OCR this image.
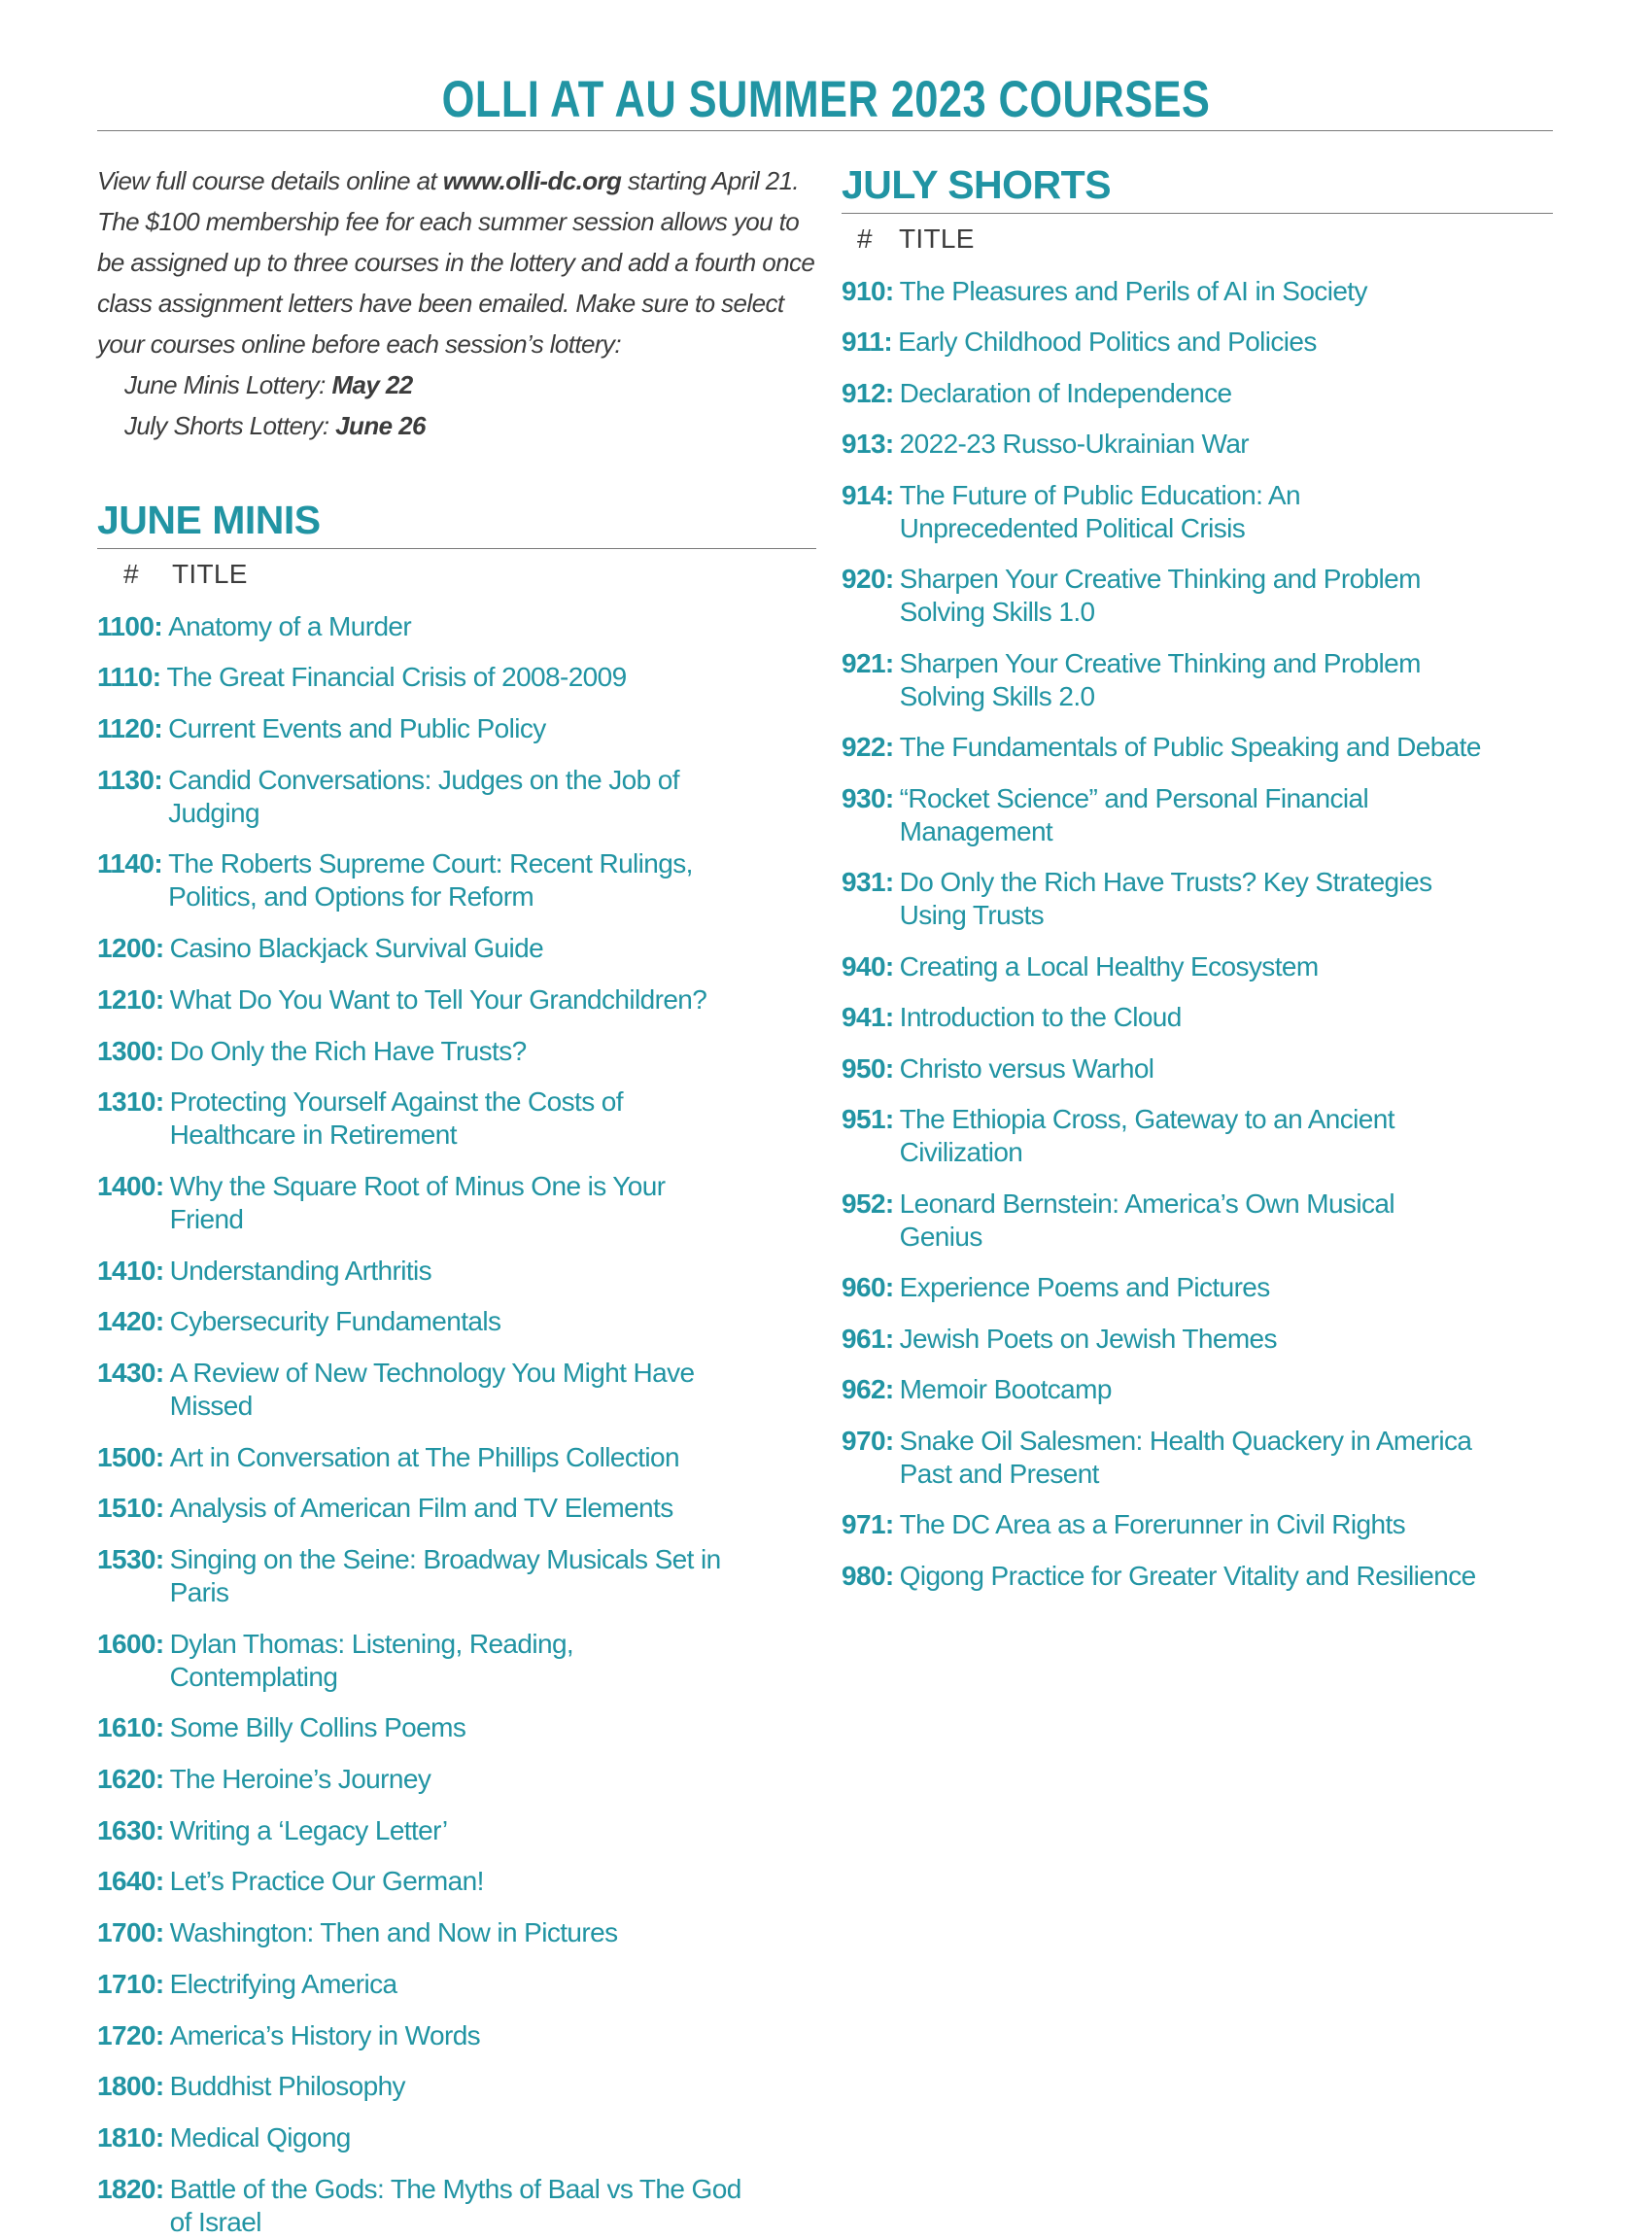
OLLI AT AU SUMMER 2023 COURSES

View full course details online at www.olli-dc.org starting April 21. The $100 membership fee for each summer session allows you to be assigned up to three courses in the lottery and add a fourth once class assignment letters have been emailed. Make sure to select your courses online before each session’s lottery:

June Minis Lottery: May 22

July Shorts Lottery: June 26

JUNE MINIS
# TITLE
1100: Anatomy of a Murder
1110: The Great Financial Crisis of 2008-2009
1120: Current Events and Public Policy
1130: Candid Conversations: Judges on the Job of Judging
1140: The Roberts Supreme Court: Recent Rulings, Politics, and Options for Reform
1200: Casino Blackjack Survival Guide
1210: What Do You Want to Tell Your Grandchildren?
1300: Do Only the Rich Have Trusts?
1310: Protecting Yourself Against the Costs of Healthcare in Retirement
1400: Why the Square Root of Minus One is Your Friend
1410: Understanding Arthritis
1420: Cybersecurity Fundamentals
1430: A Review of New Technology You Might Have Missed
1500: Art in Conversation at The Phillips Collection
1510: Analysis of American Film and TV Elements
1530: Singing on the Seine: Broadway Musicals Set in Paris
1600: Dylan Thomas: Listening, Reading, Contemplating
1610: Some Billy Collins Poems
1620: The Heroine’s Journey
1630: Writing a ‘Legacy Letter’
1640: Let’s Practice Our German!
1700: Washington: Then and Now in Pictures
1710: Electrifying America
1720: America’s History in Words
1800: Buddhist Philosophy
1810: Medical Qigong
1820: Battle of the Gods: The Myths of Baal vs The God of Israel
JULY SHORTS
# TITLE
910: The Pleasures and Perils of AI in Society
911: Early Childhood Politics and Policies
912: Declaration of Independence
913: 2022-23 Russo-Ukrainian War
914: The Future of Public Education: An Unprecedented Political Crisis
920: Sharpen Your Creative Thinking and Problem Solving Skills 1.0
921: Sharpen Your Creative Thinking and Problem Solving Skills 2.0
922: The Fundamentals of Public Speaking and Debate
930: “Rocket Science” and Personal Financial Management
931: Do Only the Rich Have Trusts? Key Strategies Using Trusts
940: Creating a Local Healthy Ecosystem
941: Introduction to the Cloud
950: Christo versus Warhol
951: The Ethiopia Cross, Gateway to an Ancient Civilization
952: Leonard Bernstein: America’s Own Musical Genius
960: Experience Poems and Pictures
961: Jewish Poets on Jewish Themes
962: Memoir Bootcamp
970: Snake Oil Salesmen: Health Quackery in America Past and Present
971: The DC Area as a Forerunner in Civil Rights
980: Qigong Practice for Greater Vitality and Resilience
